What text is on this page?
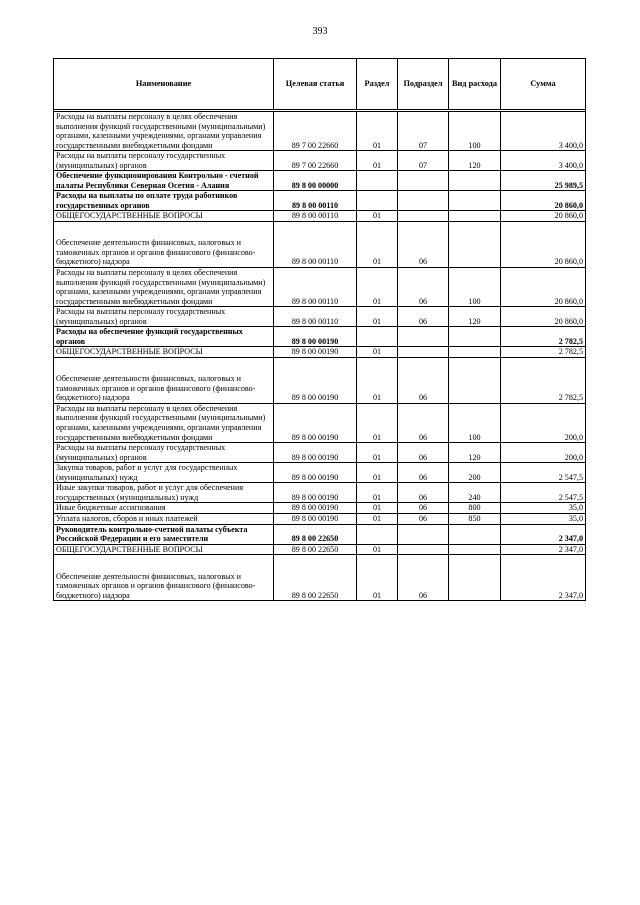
393
Наименование	Целевая статья	Раздел	Подраздел	Вид расхода	Сумма

Расходы на выплаты персоналу в целях обеспечения выполнения функций государственными (муниципальными) органами, казенными учреждениями, органами управления государственными внебюджетными фондами	89 7 00 22660	01	07	100	3 400,0
Расходы на выплаты персоналу государственных (муниципальных) органов	89 7 00 22660	01	07	120	3 400,0
Обеспечение функционирования Контрольно - счетной палаты Республики Северная Осетия - Алания	89 8 00 00000				25 989,5
Расходы на выплаты по оплате труда работников государственных органов	89 8 00 00110				20 860,0
ОБЩЕГОСУДАРСТВЕННЫЕ ВОПРОСЫ	89 8 00 00110	01			20 860,0
Обеспечение деятельности финансовых, налоговых и таможенных органов и органов финансового (финансово-бюджетного) надзора	89 8 00 00110	01	06		20 860,0
Расходы на выплаты персоналу в целях обеспечения выполнения функций государственными (муниципальными) органами, казенными учреждениями, органами управления государственными внебюджетными фондами	89 8 00 00110	01	06	100	20 860,0
Расходы на выплаты персоналу государственных (муниципальных) органов	89 8 00 00110	01	06	120	20 860,0
Расходы на обеспечение функций государственных органов	89 8 00 00190				2 782,5
ОБЩЕГОСУДАРСТВЕННЫЕ ВОПРОСЫ	89 8 00 00190	01			2 782,5
Обеспечение деятельности финансовых, налоговых и таможенных органов и органов финансового (финансово-бюджетного) надзора	89 8 00 00190	01	06		2 782,5
Расходы на выплаты персоналу в целях обеспечения выполнения функций государственными (муниципальными) органами, казенными учреждениями, органами управления государственными внебюджетными фондами	89 8 00 00190	01	06	100	200,0
Расходы на выплаты персоналу государственных (муниципальных) органов	89 8 00 00190	01	06	120	200,0
Закупка товаров, работ и услуг для государственных (муниципальных) нужд	89 8 00 00190	01	06	200	2 547,5
Иные закупки товаров, работ и услуг для обеспечения государственных (муниципальных) нужд	89 8 00 00190	01	06	240	2 547,5
Иные бюджетные ассигнования	89 8 00 00190	01	06	800	35,0
Уплата налогов, сборов и иных платежей	89 8 00 00190	01	06	850	35,0
Руководитель контрольно-счетной палаты субъекта Российской Федерации и его заместители	89 8 00 22650				2 347,0
ОБЩЕГОСУДАРСТВЕННЫЕ ВОПРОСЫ	89 8 00 22650	01			2 347,0
Обеспечение деятельности финансовых, налоговых и таможенных органов и органов финансового (финансово-бюджетного) надзора	89 8 00 22650	01	06		2 347,0
